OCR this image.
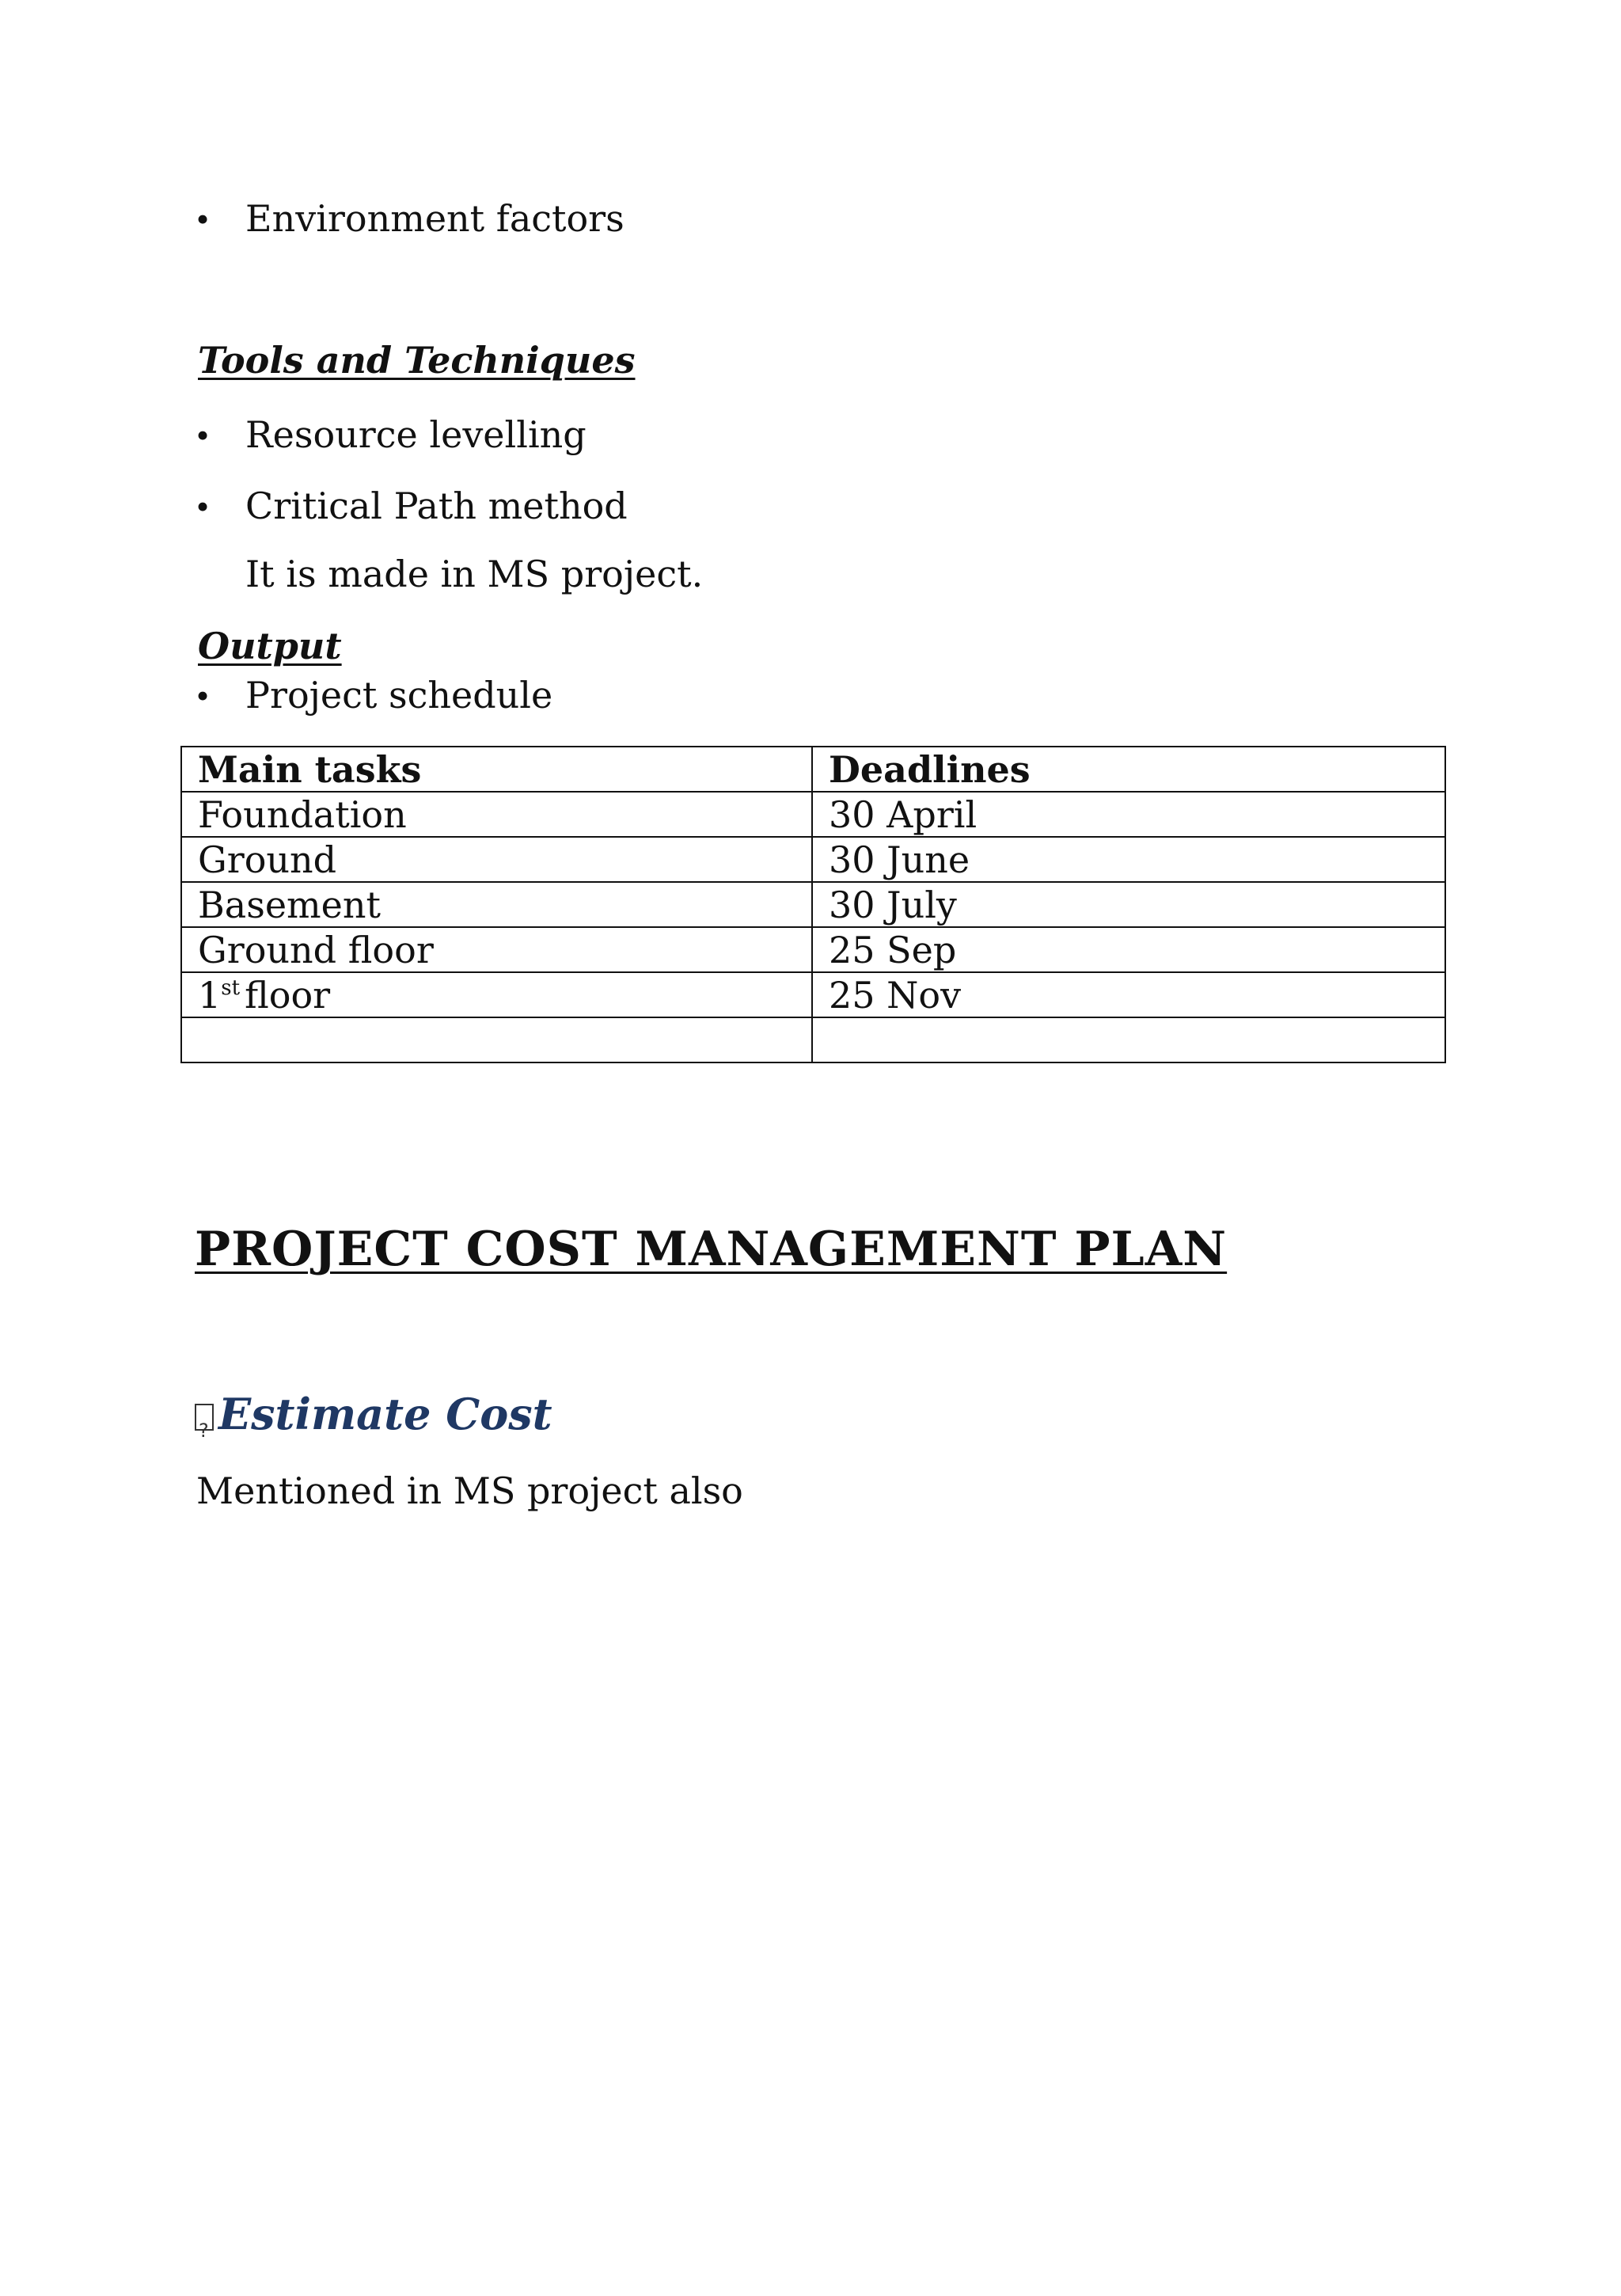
• Environment factors
Tools and Techniques
• Resource levelling
• Critical Path method
It is made in MS project.
Output
• Project schedule
Main tasks	Deadlines
Foundation	30 April
Ground	30 June
Basement	30 July
Ground floor	25 Sep
1st floor	25 Nov

PROJECT COST MANAGEMENT PLAN
?Estimate Cost
Mentioned in MS project also
